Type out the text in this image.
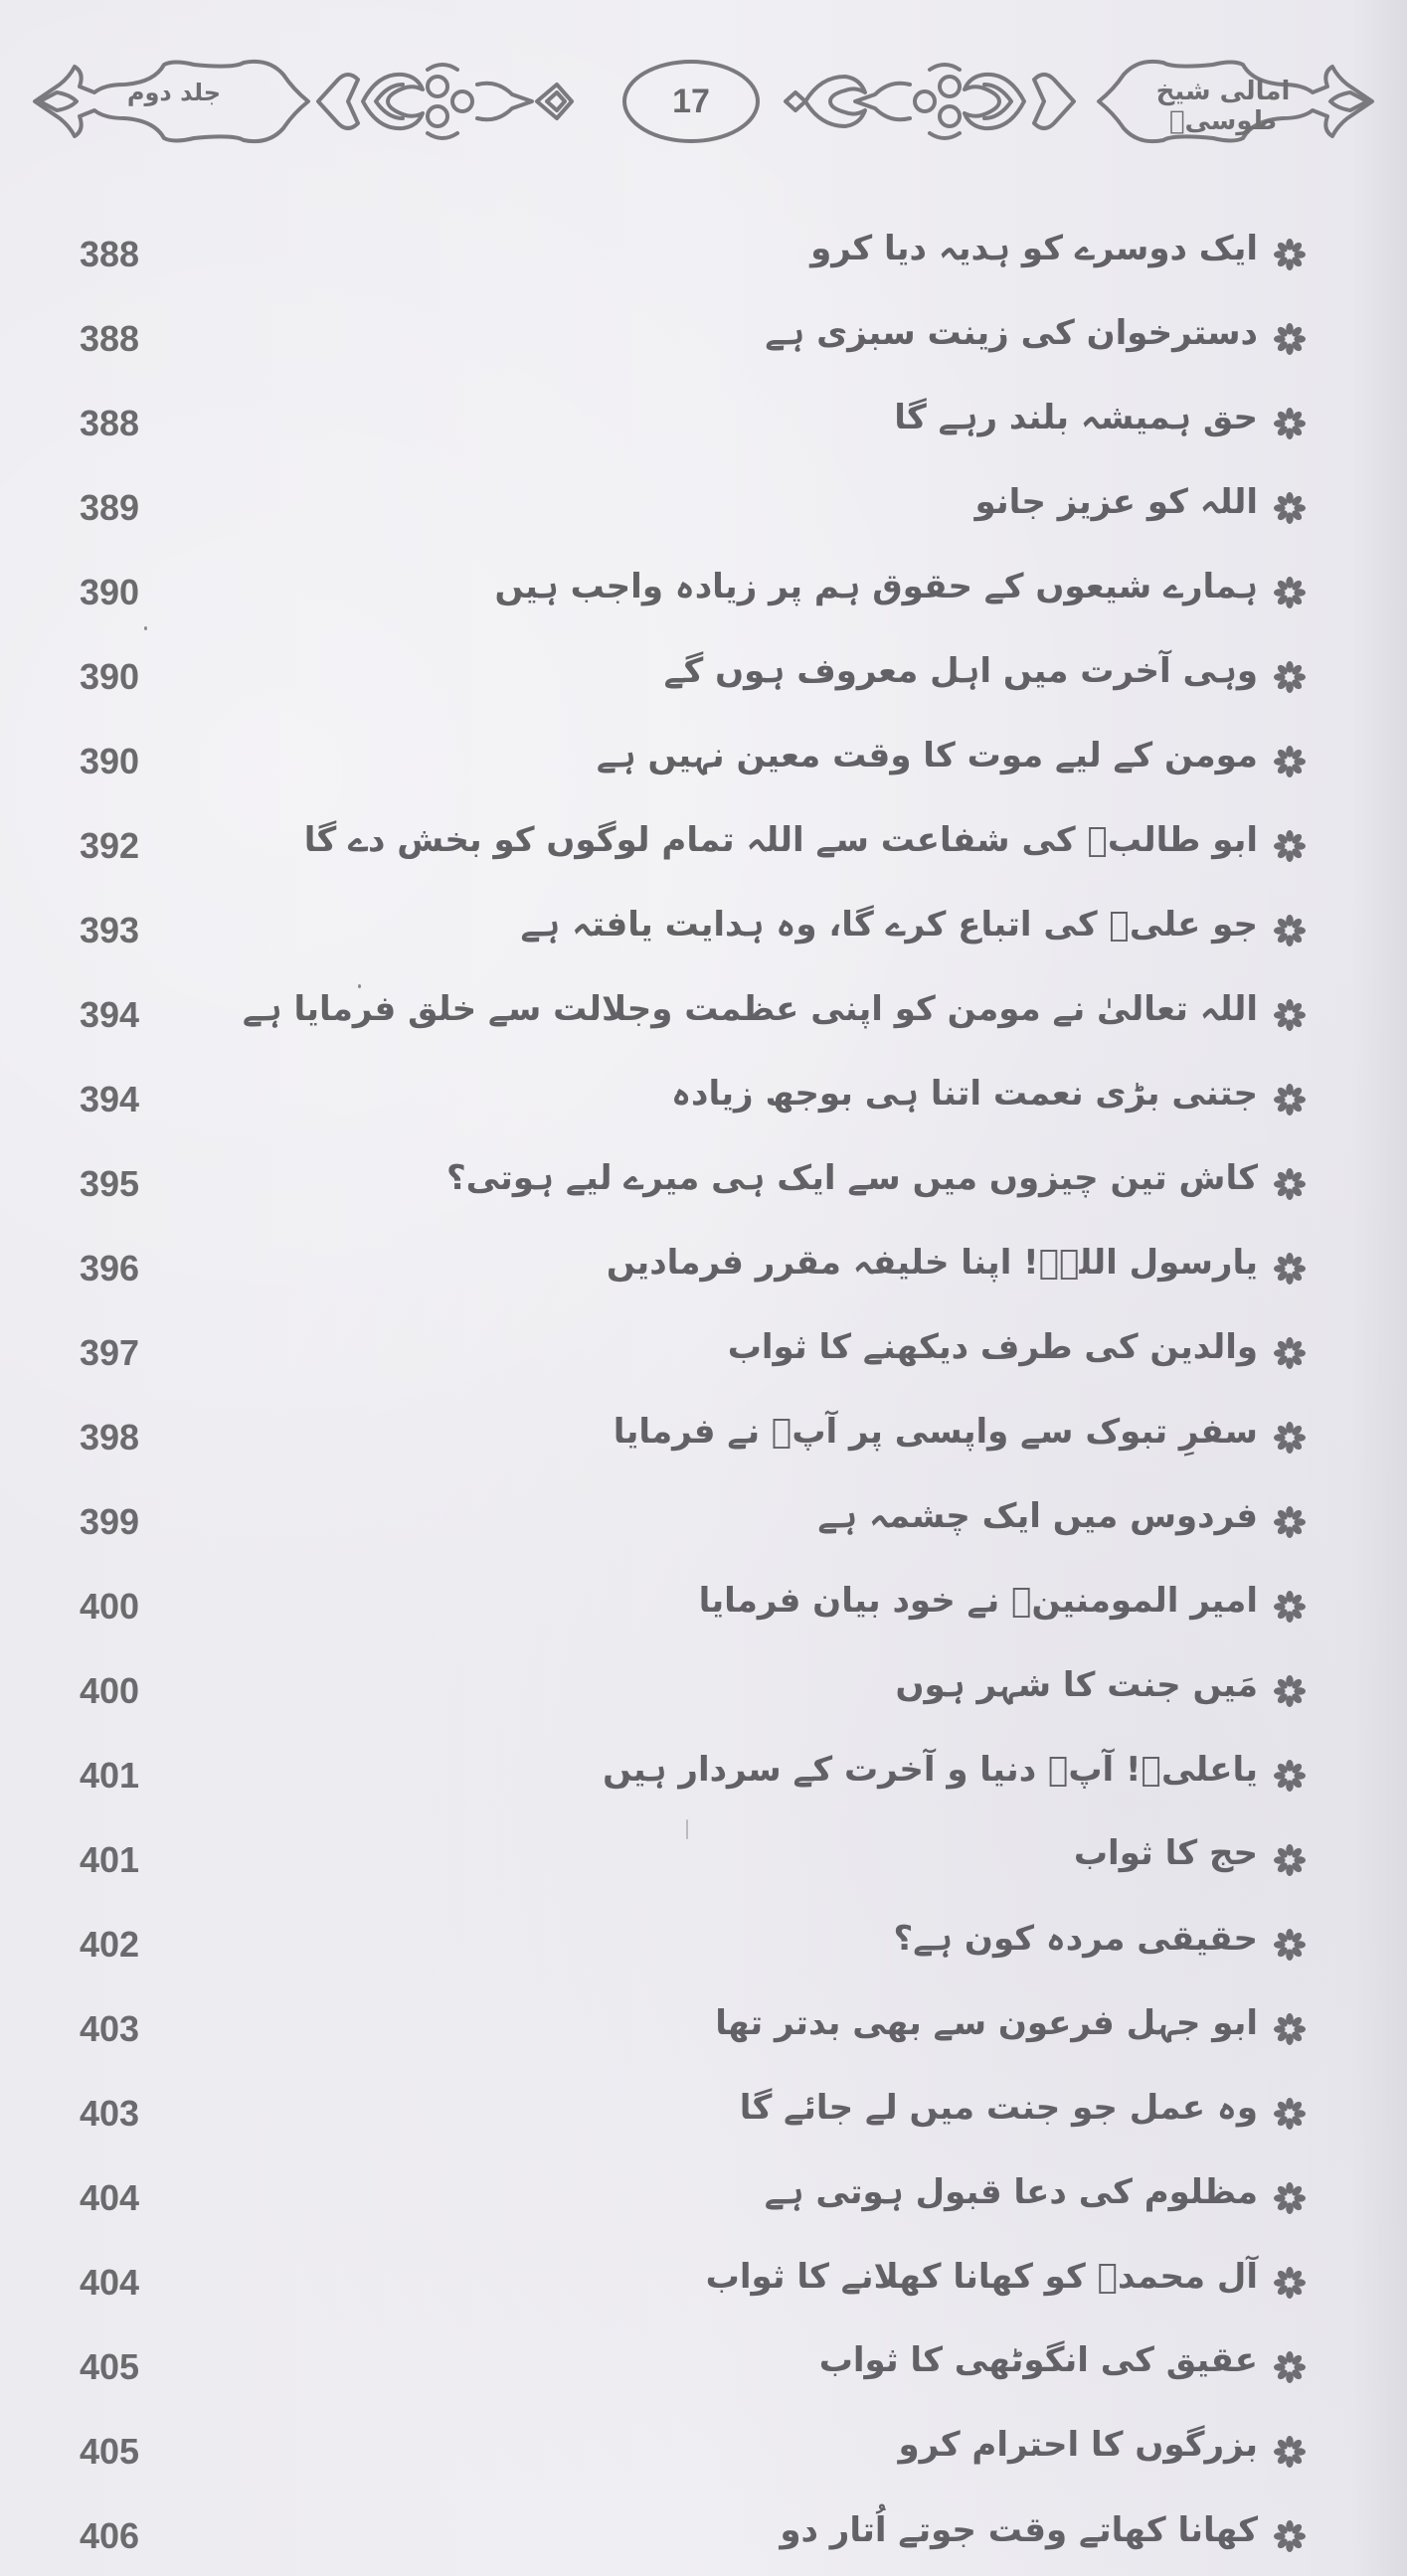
امالی شیخ طوسیؒ
17
جلد دوم
388	ایک دوسرے کو ہدیہ دیا کرو
388	دسترخوان کی زینت سبزی ہے
388	حق ہمیشہ بلند رہے گا
389	اللہ کو عزیز جانو
390	ہمارے شیعوں کے حقوق ہم پر زیادہ واجب ہیں
390	وہی آخرت میں اہل معروف ہوں گے
390	مومن کے لیے موت کا وقت معین نہیں ہے
392	ابو طالبؑ کی شفاعت سے اللہ تمام لوگوں کو بخش دے گا
393	جو علیؑ کی اتباع کرے گا، وہ ہدایت یافتہ ہے
394	اللہ تعالیٰ نے مومن کو اپنی عظمت وجلالت سے خلق فرمایا ہے
394	جتنی بڑی نعمت اتنا ہی بوجھ زیادہ
395	کاش تین چیزوں میں سے ایک ہی میرے لیے ہوتی؟
396	یارسول اللہؐ! اپنا خلیفہ مقرر فرمادیں
397	والدین کی طرف دیکھنے کا ثواب
398	سفرِ تبوک سے واپسی پر آپؐ نے فرمایا
399	فردوس میں ایک چشمہ ہے
400	امیر المومنینؑ نے خود بیان فرمایا
400	مَیں جنت کا شہر ہوں
401	یاعلیؑ! آپؑ دنیا و آخرت کے سردار ہیں
401	حج کا ثواب
402	حقیقی مردہ کون ہے؟
403	ابو جہل فرعون سے بھی بدتر تھا
403	وہ عمل جو جنت میں لے جائے گا
404	مظلوم کی دعا قبول ہوتی ہے
404	آل محمدؐ کو کھانا کھلانے کا ثواب
405	عقیق کی انگوٹھی کا ثواب
405	بزرگوں کا احترام کرو
406	کھانا کھاتے وقت جوتے اُتار دو
